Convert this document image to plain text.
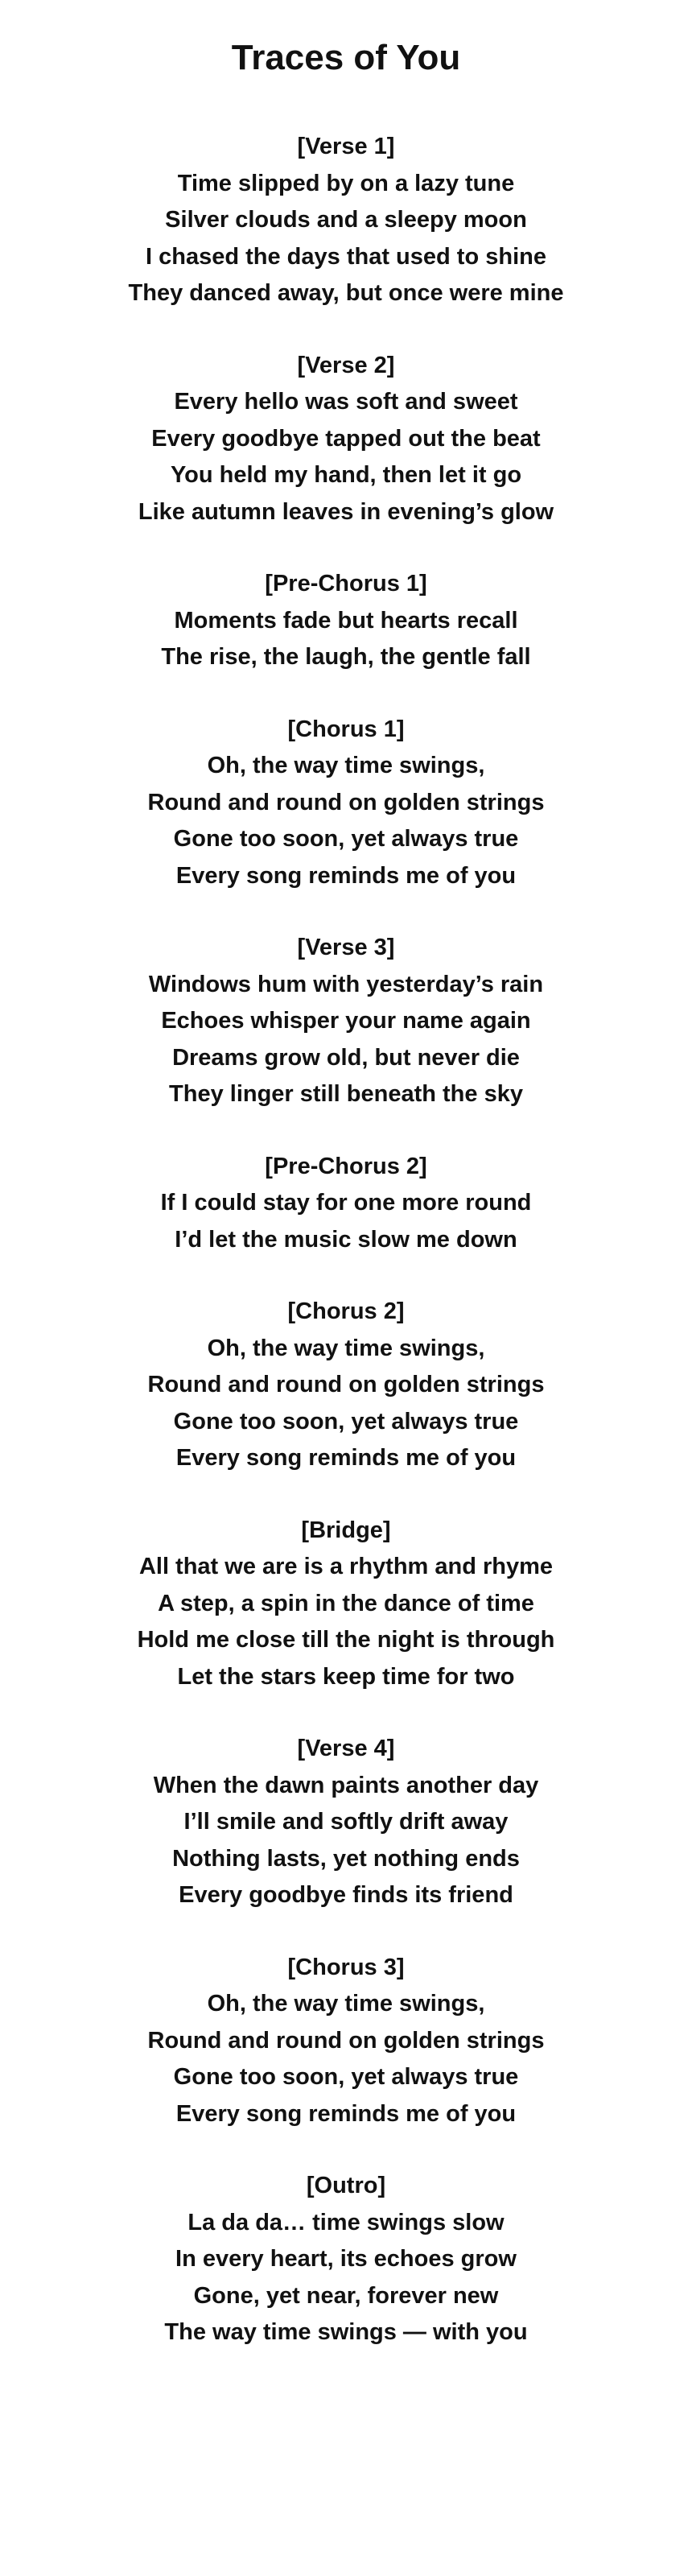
Traces of You

[Verse 1]

Time slipped by on a lazy tune

Silver clouds and a sleepy moon

I chased the days that used to shine

They danced away, but once were mine

[Verse 2]

Every hello was soft and sweet

Every goodbye tapped out the beat

You held my hand, then let it go

Like autumn leaves in evening’s glow

[Pre-Chorus 1]

Moments fade but hearts recall

The rise, the laugh, the gentle fall

[Chorus 1]

Oh, the way time swings,

Round and round on golden strings

Gone too soon, yet always true

Every song reminds me of you

[Verse 3]

Windows hum with yesterday’s rain

Echoes whisper your name again

Dreams grow old, but never die

They linger still beneath the sky

[Pre-Chorus 2]

If I could stay for one more round

I’d let the music slow me down

[Chorus 2]

Oh, the way time swings,

Round and round on golden strings

Gone too soon, yet always true

Every song reminds me of you

[Bridge]

All that we are is a rhythm and rhyme

A step, a spin in the dance of time

Hold me close till the night is through

Let the stars keep time for two

[Verse 4]

When the dawn paints another day

I’ll smile and softly drift away

Nothing lasts, yet nothing ends

Every goodbye finds its friend

[Chorus 3]

Oh, the way time swings,

Round and round on golden strings

Gone too soon, yet always true

Every song reminds me of you

[Outro]

La da da… time swings slow

In every heart, its echoes grow

Gone, yet near, forever new

The way time swings — with you
